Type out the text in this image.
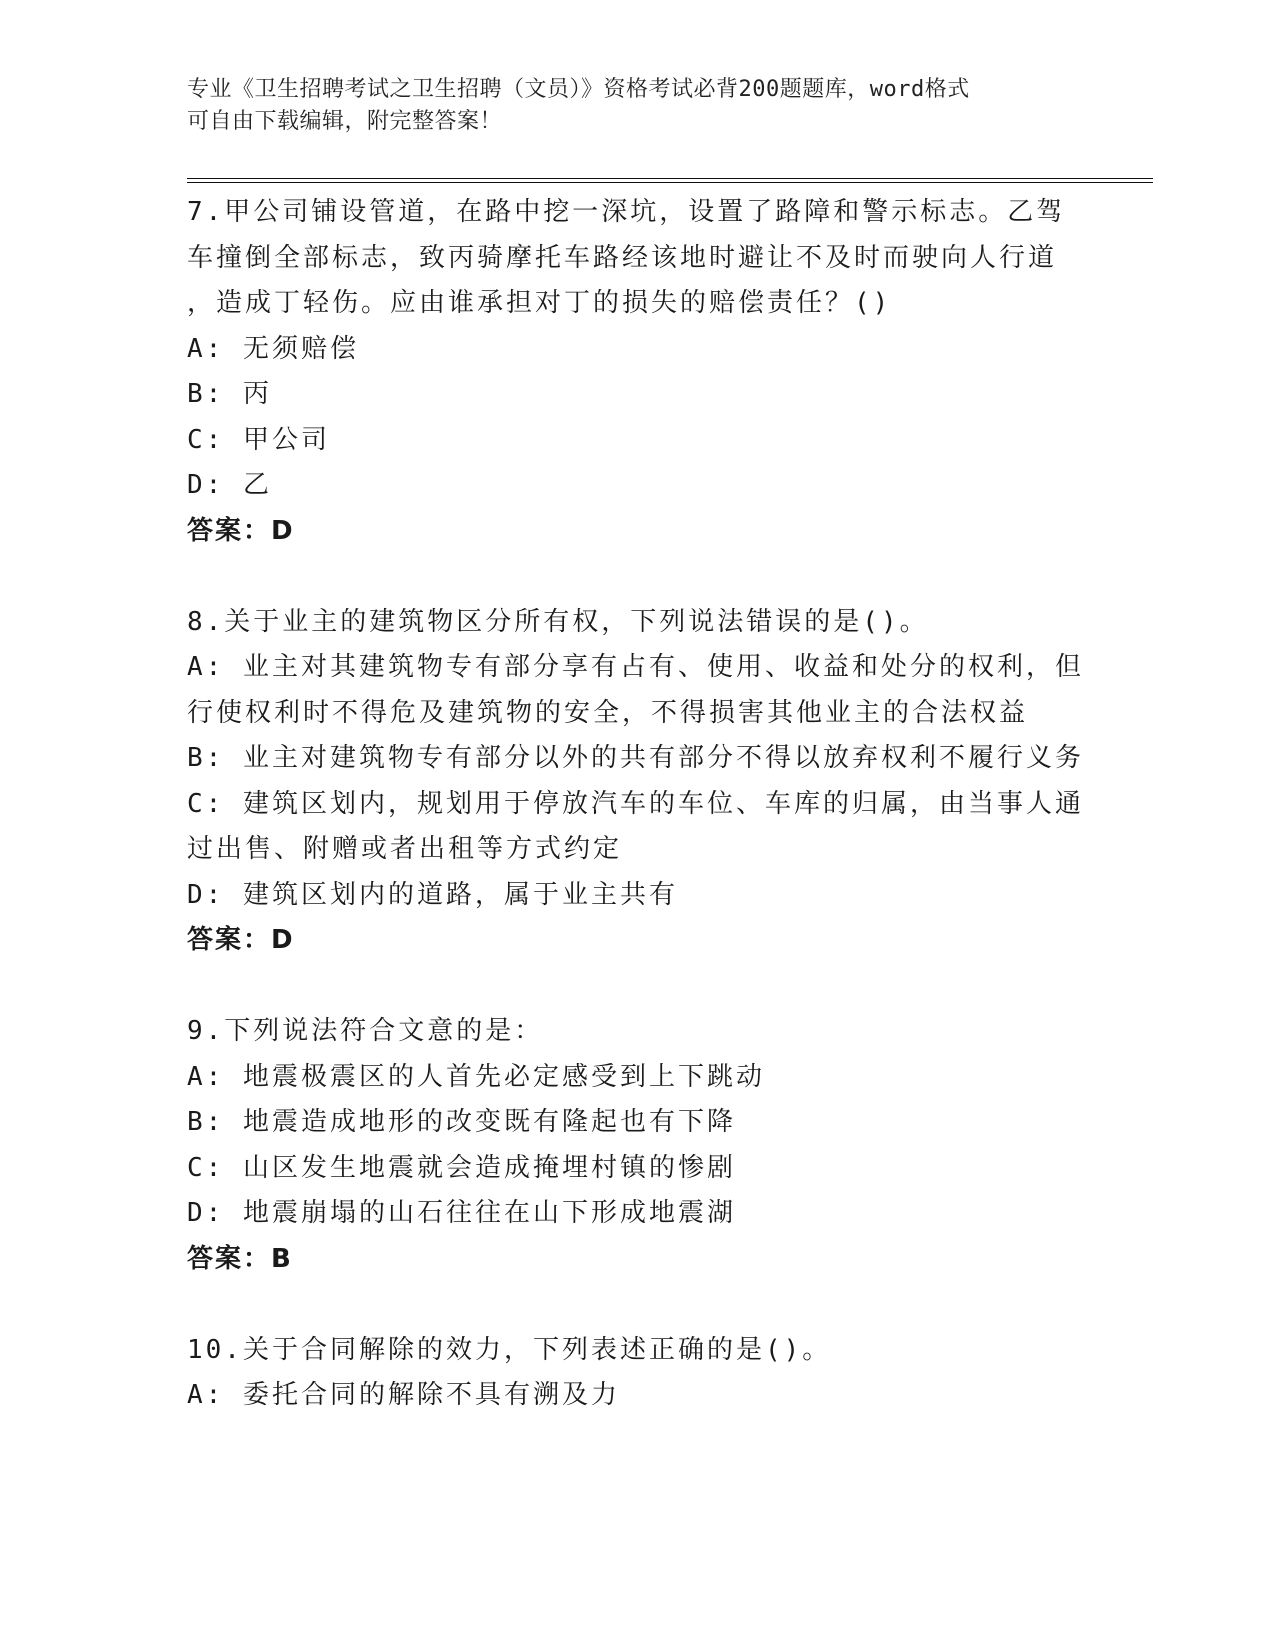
专业《卫生招聘考试之卫生招聘（文员）》资格考试必背200题题库，word格式
可自由下载编辑，附完整答案！
7.甲公司铺设管道，在路中挖一深坑，设置了路障和警示标志。乙驾
车撞倒全部标志，致丙骑摩托车路经该地时避让不及时而驶向人行道
，造成丁轻伤。应由谁承担对丁的损失的赔偿责任？()
A: 无须赔偿
B: 丙
C: 甲公司
D: 乙
答案：D
8.关于业主的建筑物区分所有权，下列说法错误的是()。
A: 业主对其建筑物专有部分享有占有、使用、收益和处分的权利，但
行使权利时不得危及建筑物的安全，不得损害其他业主的合法权益
B: 业主对建筑物专有部分以外的共有部分不得以放弃权利不履行义务
C: 建筑区划内，规划用于停放汽车的车位、车库的归属，由当事人通
过出售、附赠或者出租等方式约定
D: 建筑区划内的道路，属于业主共有
答案：D
9.下列说法符合文意的是：
A: 地震极震区的人首先必定感受到上下跳动
B: 地震造成地形的改变既有隆起也有下降
C: 山区发生地震就会造成掩埋村镇的惨剧
D: 地震崩塌的山石往往在山下形成地震湖
答案：B
10.关于合同解除的效力，下列表述正确的是()。
A: 委托合同的解除不具有溯及力
